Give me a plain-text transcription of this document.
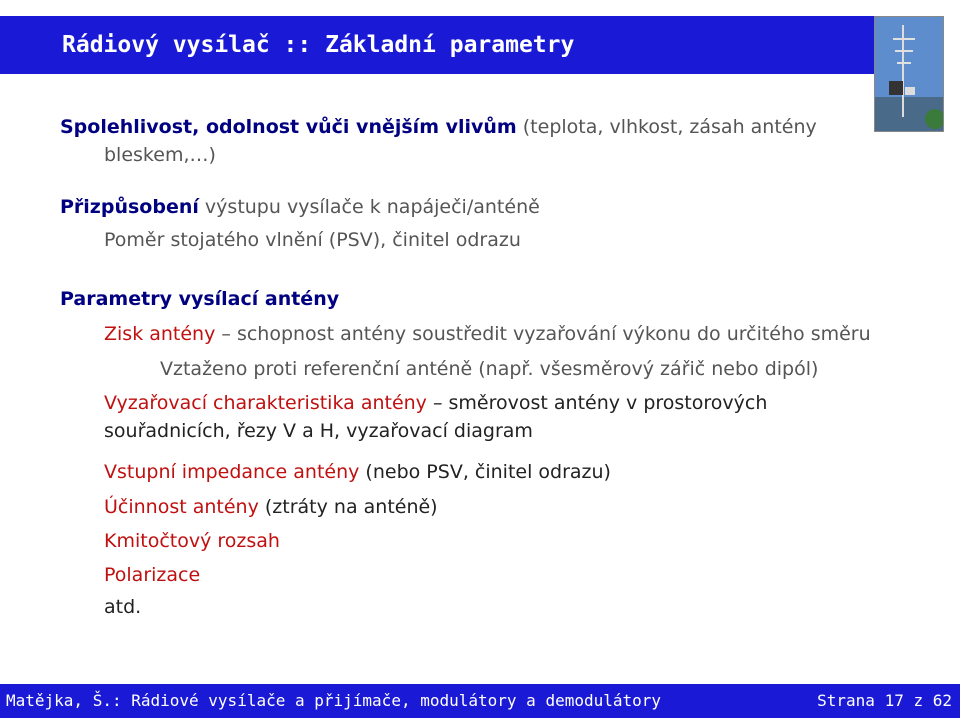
Rádiový vysílač :: Základní parametry
Spolehlivost, odolnost vůči vnějším vlivům (teplota, vlhkost, zásah antény
bleskem,…)
Přizpůsobení výstupu vysílače k napáječi/anténě
Poměr stojatého vlnění (PSV), činitel odrazu
Parametry vysílací antény
Zisk antény – schopnost antény soustředit vyzařování výkonu do určitého směru
Vztaženo proti referenční anténě (např. všesměrový zářič nebo dipól)
Vyzařovací charakteristika antény – směrovost antény v prostorových
souřadnicích, řezy V a H, vyzařovací diagram
Vstupní impedance antény (nebo PSV, činitel odrazu)
Účinnost antény (ztráty na anténě)
Kmitočtový rozsah
Polarizace
atd.
Matějka, Š.: Rádiové vysílače a přijímače, modulátory a demodulátory	Strana 17 z 62
